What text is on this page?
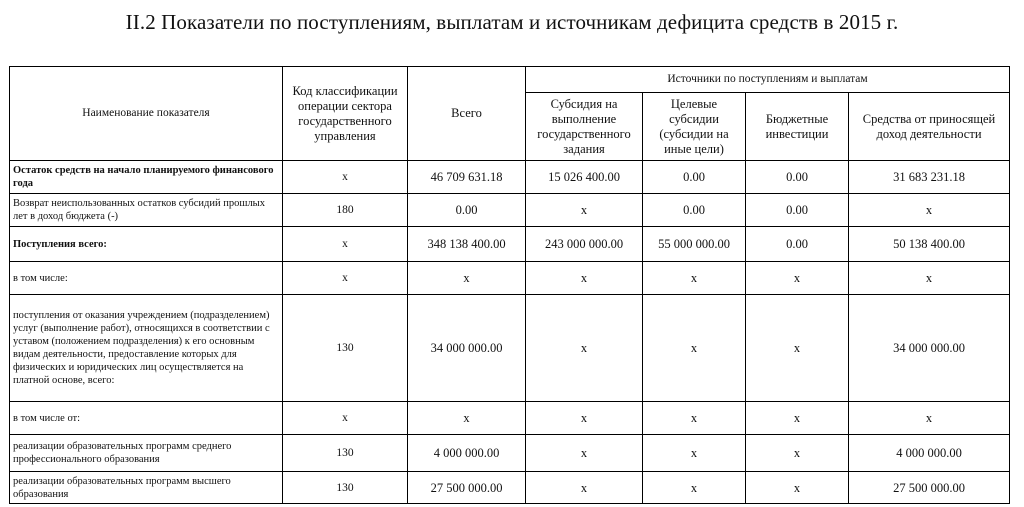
II.2 Показатели по поступлениям, выплатам и источникам дефицита средств в 2015 г.
Наименование показателя	Код классификации операции сектора государственного управления	Всего	Источники по поступлениям и выплатам			
			Субсидия на выполнение государственного задания	Целевые субсидии (субсидии на иные цели)	Бюджетные инвестиции	Средства от приносящей доход деятельности
Остаток средств на начало планируемого финансового года	x	46 709 631.18	15 026 400.00	0.00	0.00	31 683 231.18
Возврат неиспользованных остатков субсидий прошлых лет в доход бюджета (-)	180	0.00	x	0.00	0.00	x
Поступления всего:	x	348 138 400.00	243 000 000.00	55 000 000.00	0.00	50 138 400.00
в том числе:	x	x	x	x	x	x
поступления от оказания учреждением (подразделением) услуг (выполнение работ), относящихся в соответствии с уставом (положением подразделения) к его основным видам деятельности, предоставление которых для физических и юридических лиц осуществляется на платной основе, всего:	130	34 000 000.00	x	x	x	34 000 000.00
в том числе от:	x	x	x	x	x	x
реализации образовательных программ среднего профессионального образования	130	4 000 000.00	x	x	x	4 000 000.00
реализации образовательных программ высшего образования	130	27 500 000.00	x	x	x	27 500 000.00
